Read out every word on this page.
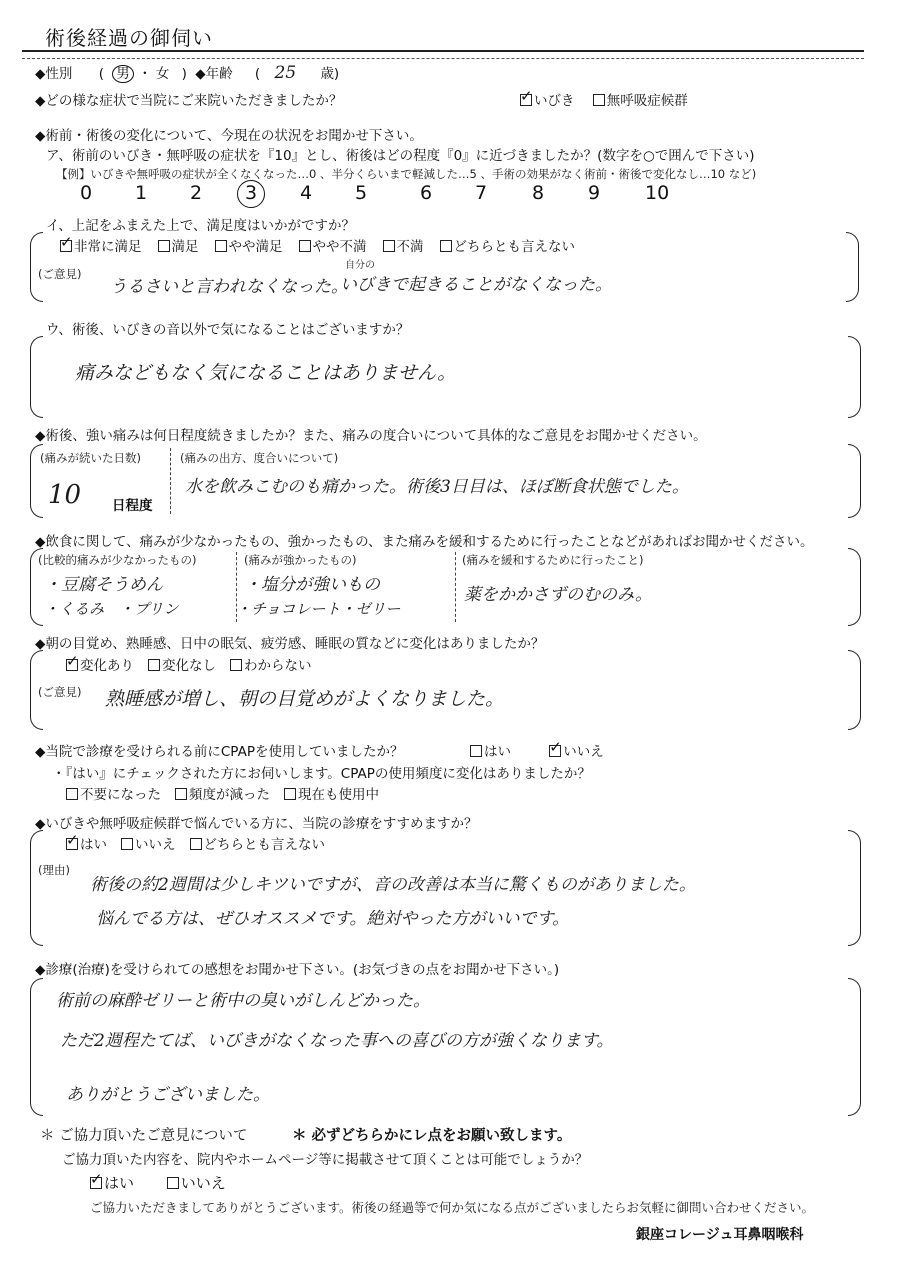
術後経過の御伺い
◆性別 ( 男 ・ 女 ) ◆年齢 ( 25 歳)
◆どの様な症状で当院にご来院いただきましたか？ ✓	いびき 無呼吸症候群
◆術前・術後の変化について、今現在の状況をお聞かせ下さい。
ア、術前のいびき・無呼吸の症状を『10』とし、術後はどの程度『0』に近づきましたか？(数字を○で囲んで下さい)
【例】いびきや無呼吸の症状が全くなくなった…0 、半分くらいまで軽減した…5 、手術の効果がなく術前・術後で変化なし…10 など)
0 1 2 3 4 5	6 7 8 9 10
イ、上記をふまえた上で、満足度はいかがですか？
✓非常に満足 満足 やや満足 やや不満 不満 どちらとも言えない
(ご意見)
うるさいと言われなくなった。
自分の
いびきで起きることがなくなった。
ウ、術後、いびきの音以外で気になることはございますか？
痛みなどもなく気になることはありません。
◆術後、強い痛みは何日程度続きましたか？また、痛みの度合いについて具体的なご意見をお聞かせください。
(痛みが続いた日数)
10 日程度
(痛みの出方、度合いについて)
水を飲みこむのも痛かった。術後3日目は、ほぼ断食状態でした。
◆飲食に関して、痛みが少なかったもの、強かったもの、また痛みを緩和するために行ったことなどがあればお聞かせください。
(比較的痛みが少なかったもの)
・豆腐そうめん
・くるみ　・プリン
(痛みが強かったもの)
・塩分が強いもの
・チョコレート・ゼリー
(痛みを緩和するために行ったこと)
薬をかかさずのむのみ。
◆朝の目覚め、熟睡感、日中の眠気、疲労感、睡眠の質などに変化はありましたか？
✓変化あり 変化なし わからない
(ご意見) 熟睡感が増し、朝の目覚めがよくなりました。
◆当院で診療を受けられる前にCPAPを使用していましたか？	はい ✓	いいえ
・『はい』にチェックされた方にお伺いします。CPAPの使用頻度に変化はありましたか？
不要になった 頻度が減った 現在も使用中
◆いびきや無呼吸症候群で悩んでいる方に、当院の診療をすすめますか？
✓はい いいえ どちらとも言えない
(理由)
術後の約2週間は少しキツいですが、音の改善は本当に驚くものがありました。
悩んでる方は、ぜひオススメです。絶対やった方がいいです。
◆診療(治療)を受けられての感想をお聞かせ下さい。(お気づきの点をお聞かせ下さい。)
術前の麻酔ゼリーと術中の臭いがしんどかった。
ただ2週程たてば、いびきがなくなった事への喜びの方が強くなります。
ありがとうございました。
＊ ご協力頂いたご意見について	＊ 必ずどちらかにレ点をお願い致します。
ご協力頂いた内容を、院内やホームページ等に掲載させて頂くことは可能でしょうか？
✓はい	いいえ
ご協力いただきましてありがとうございます。術後の経過等で何か気になる点がございましたらお気軽に御問い合わせください。
銀座コレージュ耳鼻咽喉科
